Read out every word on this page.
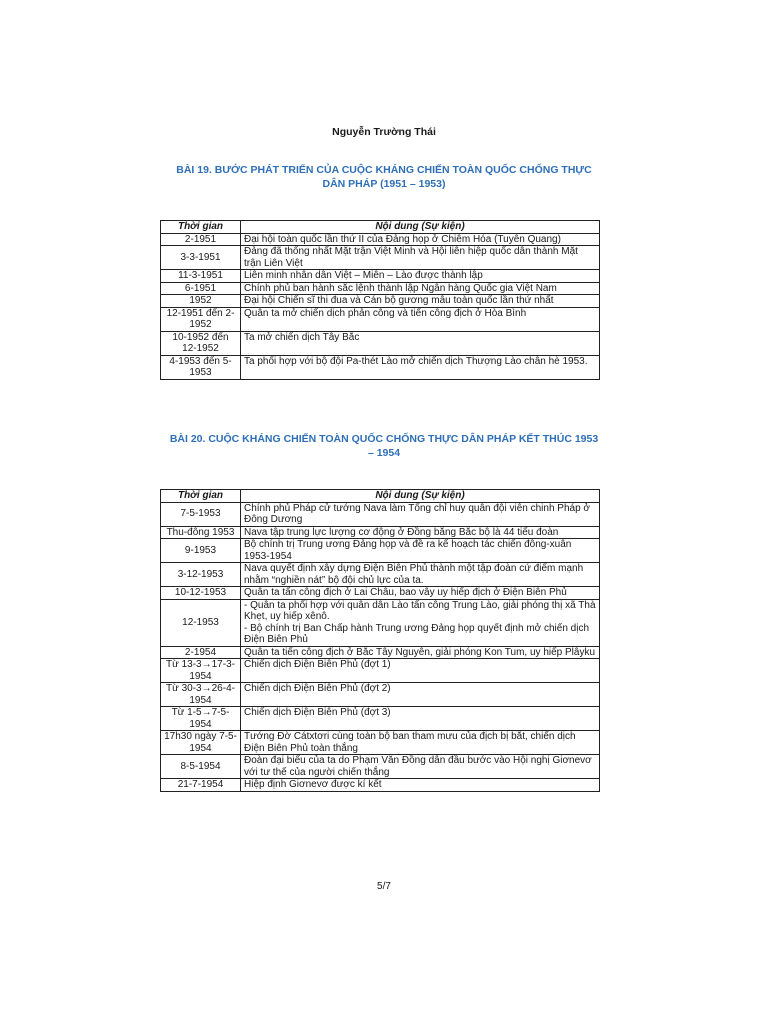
Nguyễn Trường Thái
BÀI 19. BƯỚC PHÁT TRIỂN CỦA CUỘC KHÁNG CHIẾN TOÀN QUỐC CHỐNG THỰC
DÂN PHÁP (1951 – 1953)
Thời gian	Nội dung (Sự kiện)
2-1951	Đại hội toàn quốc lần thứ II của Đảng họp ở Chiêm Hóa (Tuyên Quang)

3-3-1951	Đảng đã thống nhất Mặt trận Việt Minh và Hội liên hiệp quốc dân thành Mặt trận Liên Việt

11-3-1951	Liên minh nhân dân Việt – Miên – Lào được thành lập

6-1951	Chính phủ ban hành sắc lệnh thành lập Ngân hàng Quốc gia Việt Nam

1952	Đại hội Chiến sĩ thi đua và Cán bộ gương mẫu toàn quốc lần thứ nhất

12-1951 đến 2-1952	Quân ta mở chiến dịch phản công và tiến công địch ở Hòa Bình

10-1952 đến 12-1952	Ta mở chiến dịch Tây Bắc

4-1953 đến 5-1953	Ta phối hợp với bộ đội Pa-thét Lào mở chiến dịch Thượng Lào chân hè 1953.
BÀI 20. CUỘC KHÁNG CHIẾN TOÀN QUỐC CHỐNG THỰC DÂN PHÁP KẾT THÚC 1953
– 1954
Thời gian	Nội dung (Sự kiện)
7-5-1953	Chính phủ Pháp cử tướng Nava làm Tổng chỉ huy quân đội viễn chinh Pháp ở Đông Dương

Thu-đông 1953	Nava tập trung lực lượng cơ động ở Đồng bằng Bắc bộ là 44 tiểu đoàn

9-1953	Bộ chính trị Trung ương Đảng họp và đề ra kế hoạch tác chiến đông-xuân 1953-1954

3-12-1953	Nava quyết định xây dựng Điện Biên Phủ thành một tập đoàn cứ điểm mạnh nhằm “nghiền nát” bộ đội chủ lực của ta.

10-12-1953	Quân ta tấn công địch ở Lai Châu, bao vây uy hiếp địch ở Điện Biên Phủ

12-1953	- Quân ta phối hợp với quân dân Lào tấn công Trung Lào, giải phóng thị xã Thà Khẹt, uy hiếp xênô.
- Bộ chính trị Ban Chấp hành Trung ương Đảng họp quyết định mở chiến dịch Điện Biên Phủ

2-1954	Quân ta tiến công địch ở Bắc Tây Nguyên, giải phóng Kon Tum, uy hiếp Plâyku

Từ 13-3→17-3-1954	Chiến dịch Điện Biên Phủ (đợt 1)

Từ 30-3→26-4-1954	Chiến dịch Điện Biên Phủ (đợt 2)

Từ 1-5→7-5-1954	Chiến dịch Điện Biên Phủ (đợt 3)

17h30 ngày 7-5-1954	Tướng Đờ Cátxtơri cùng toàn bộ ban tham mưu của địch bị bắt, chiến dịch Điện Biên Phủ toàn thắng

8-5-1954	Đoàn đại biểu của ta do Phạm Văn Đồng dẫn đầu bước vào Hội nghị Giơnevơ với tư thế của người chiến thắng

21-7-1954	Hiệp định Giơnevơ được kí kết
5/7
